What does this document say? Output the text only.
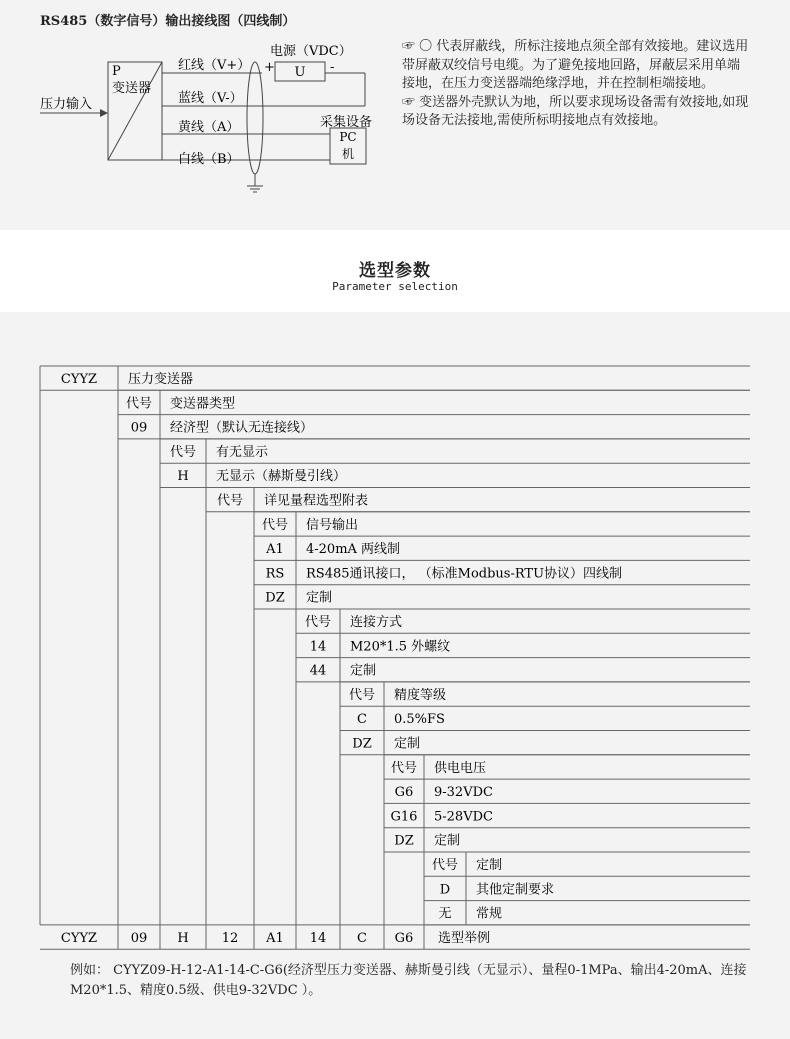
RS485（数字信号）输出接线图（四线制）
P
变送器
压力输入
红线（V+）
蓝线（V-）
黄线（A）
白线（B）
电源（VDC）
+ U -
采集设备
PC
机
☞ 〇 代表屏蔽线，所标注接地点须全部有效接地。建议选用带屏蔽双绞信号电缆。为了避免接地回路，屏蔽层采用单端接地，在压力变送器端绝缘浮地，并在控制柜端接地。
☞ 变送器外壳默认为地，所以要求现场设备需有效接地,如现场设备无法接地,需使所标明接地点有效接地。
选型参数
Parameter selection
CYYZ 压力变送器
代号 变送器类型
09 经济型（默认无连接线）
代号 有无显示
H 无显示（赫斯曼引线）
代号 详见量程选型附表
代号 信号输出
A1 4-20mA 两线制
RS RS485通讯接口， （标准Modbus-RTU协议）四线制
DZ 定制
代号 连接方式
14 M20*1.5 外螺纹
44 定制
代号 精度等级
C 0.5%FS
DZ 定制
代号 供电电压
G6 9-32VDC
G16 5-28VDC
DZ 定制
代号 定制
D 其他定制要求
无 常规
CYYZ	09 H	12 A1 14 C G6 选型举例
例如： CYYZ09-H-12-A1-14-C-G6(经济型压力变送器、赫斯曼引线（无显示）、量程0-1MPa、输出4-20mA、连接M20*1.5、精度0.5级、供电9-32VDC ）。
